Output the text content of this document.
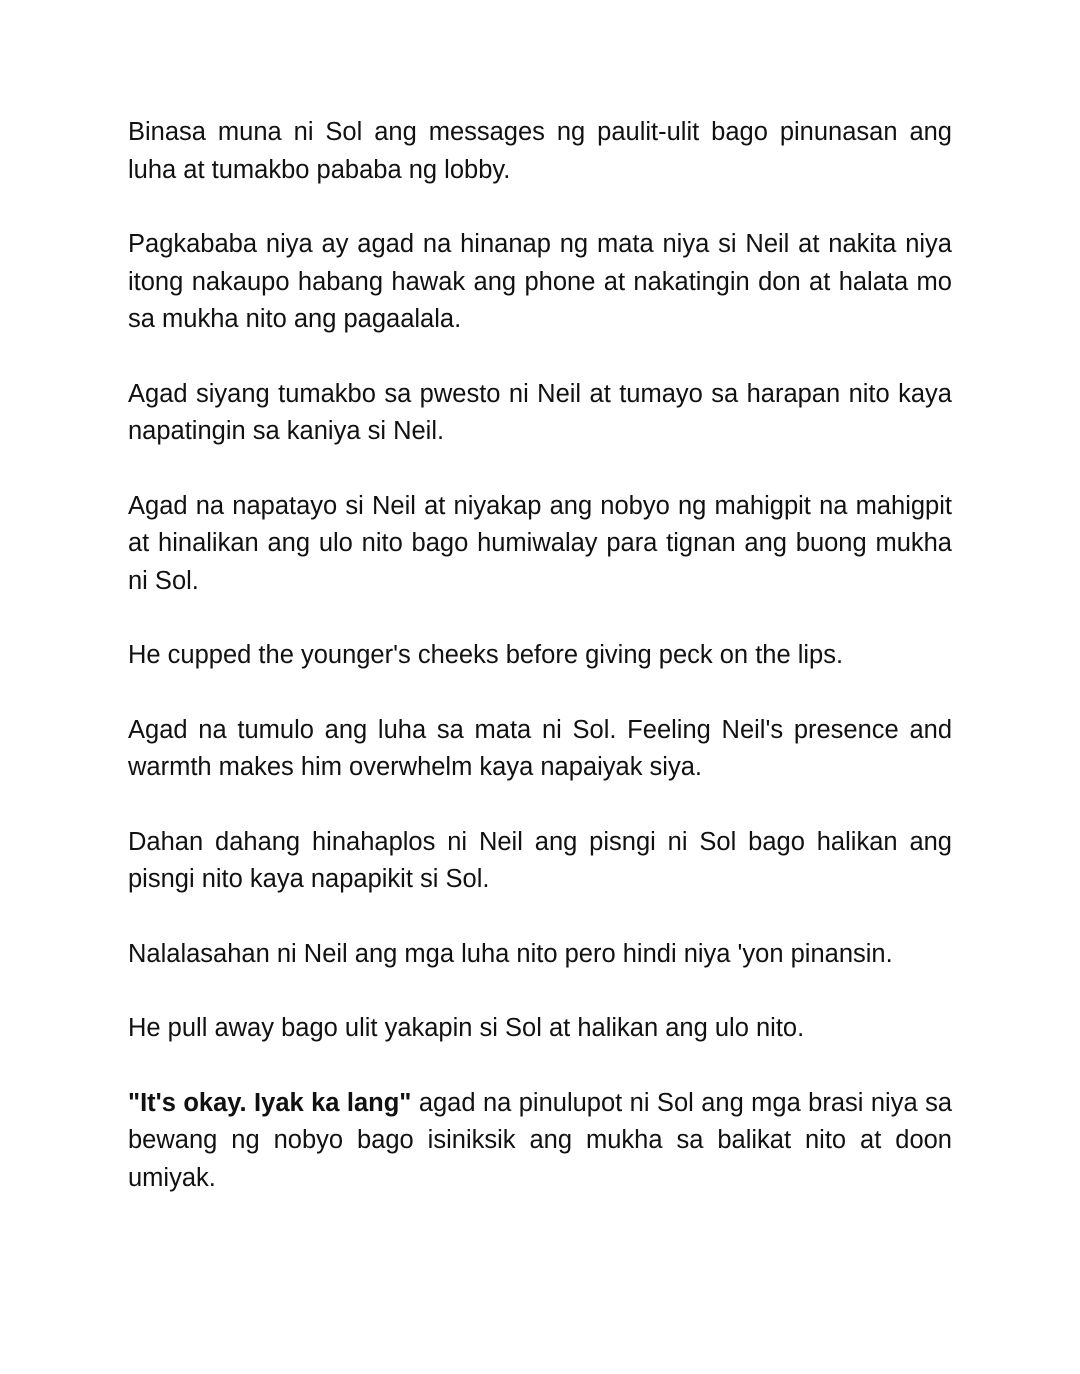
Binasa muna ni Sol ang messages ng paulit-ulit bago pinunasan ang luha at tumakbo pababa ng lobby.

Pagkababa niya ay agad na hinanap ng mata niya si Neil at nakita niya itong nakaupo habang hawak ang phone at nakatingin don at halata mo sa mukha nito ang pagaalala.

Agad siyang tumakbo sa pwesto ni Neil at tumayo sa harapan nito kaya napatingin sa kaniya si Neil.

Agad na napatayo si Neil at niyakap ang nobyo ng mahigpit na mahigpit at hinalikan ang ulo nito bago humiwalay para tignan ang buong mukha ni Sol.

He cupped the younger's cheeks before giving peck on the lips.

Agad na tumulo ang luha sa mata ni Sol. Feeling Neil's presence and warmth makes him overwhelm kaya napaiyak siya.

Dahan dahang hinahaplos ni Neil ang pisngi ni Sol bago halikan ang pisngi nito kaya napapikit si Sol.

Nalalasahan ni Neil ang mga luha nito pero hindi niya 'yon pinansin.

He pull away bago ulit yakapin si Sol at halikan ang ulo nito.

"It's okay. Iyak ka lang" agad na pinulupot ni Sol ang mga brasi niya sa bewang ng nobyo bago isiniksik ang mukha sa balikat nito at doon umiyak.
